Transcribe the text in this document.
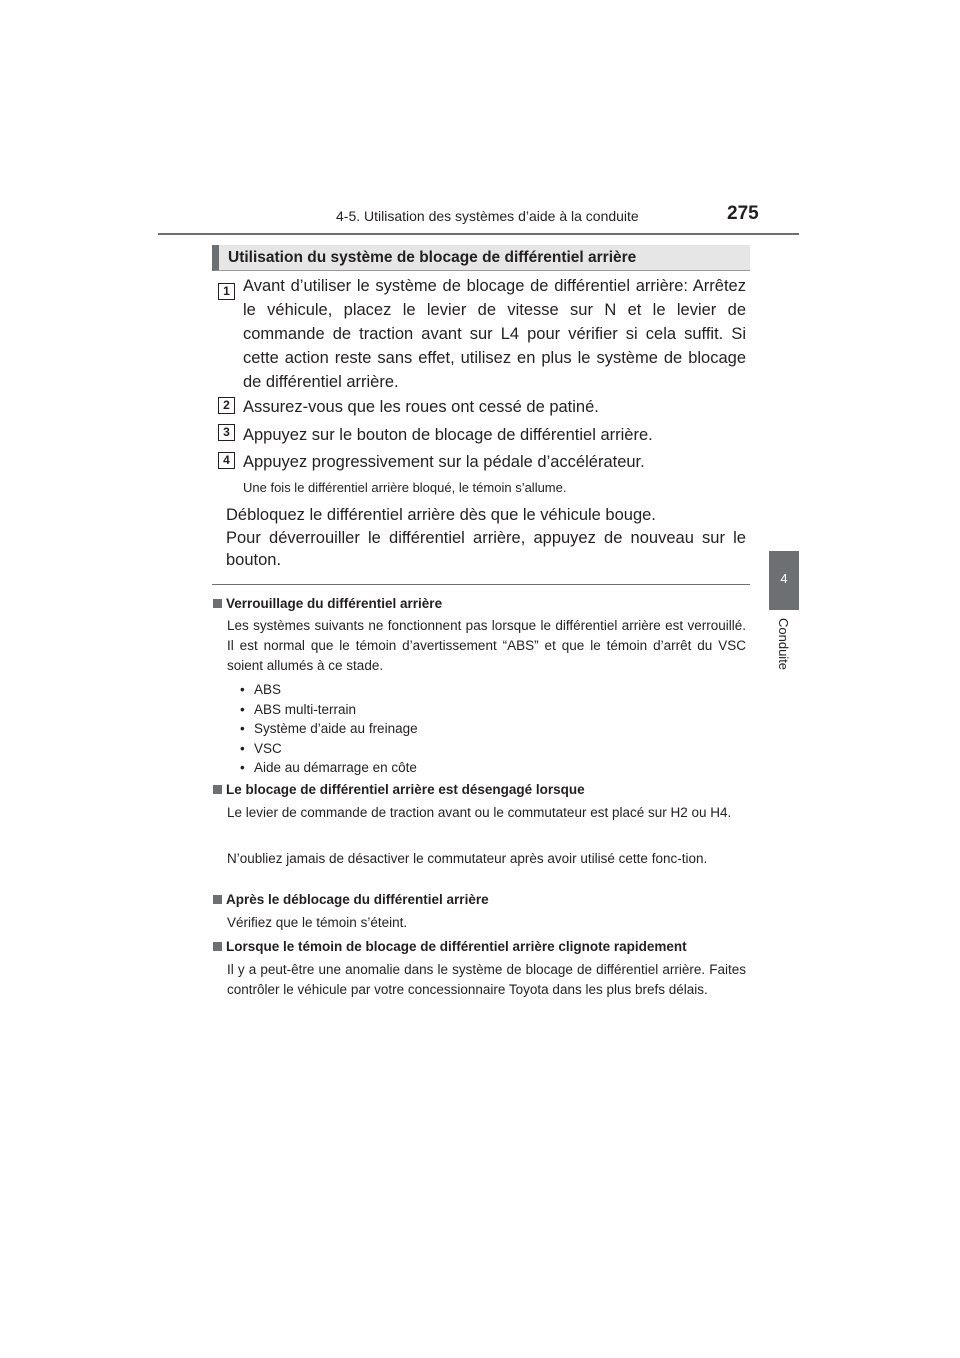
4-5. Utilisation des systèmes d’aide à la conduite	275
4
Conduite
Utilisation du système de blocage de différentiel arrière
1 Avant d’utiliser le système de blocage de différentiel arrière: Arrêtez le véhicule, placez le levier de vitesse sur N et le levier de commande de traction avant sur L4 pour vérifier si cela suffit. Si cette action reste sans effet, utilisez en plus le système de blocage de différentiel arrière.
2 Assurez-vous que les roues ont cessé de patiné.
3 Appuyez sur le bouton de blocage de différentiel arrière.
4 Appuyez progressivement sur la pédale d’accélérateur.
Une fois le différentiel arrière bloqué, le témoin s’allume.
Débloquez le différentiel arrière dès que le véhicule bouge.
Pour déverrouiller le différentiel arrière, appuyez de nouveau sur le bouton.
Verrouillage du différentiel arrière
Les systèmes suivants ne fonctionnent pas lorsque le différentiel arrière est verrouillé. Il est normal que le témoin d’avertissement “ABS” et que le témoin d’arrêt du VSC soient allumés à ce stade.
• ABS
• ABS multi-terrain
• Système d’aide au freinage
• VSC
• Aide au démarrage en côte
Le blocage de différentiel arrière est désengagé lorsque
Le levier de commande de traction avant ou le commutateur est placé sur H2 ou H4.
N’oubliez jamais de désactiver le commutateur après avoir utilisé cette fonc-tion.
Après le déblocage du différentiel arrière
Vérifiez que le témoin s’éteint.
Lorsque le témoin de blocage de différentiel arrière clignote rapidement
Il y a peut-être une anomalie dans le système de blocage de différentiel arrière. Faites contrôler le véhicule par votre concessionnaire Toyota dans les plus brefs délais.
